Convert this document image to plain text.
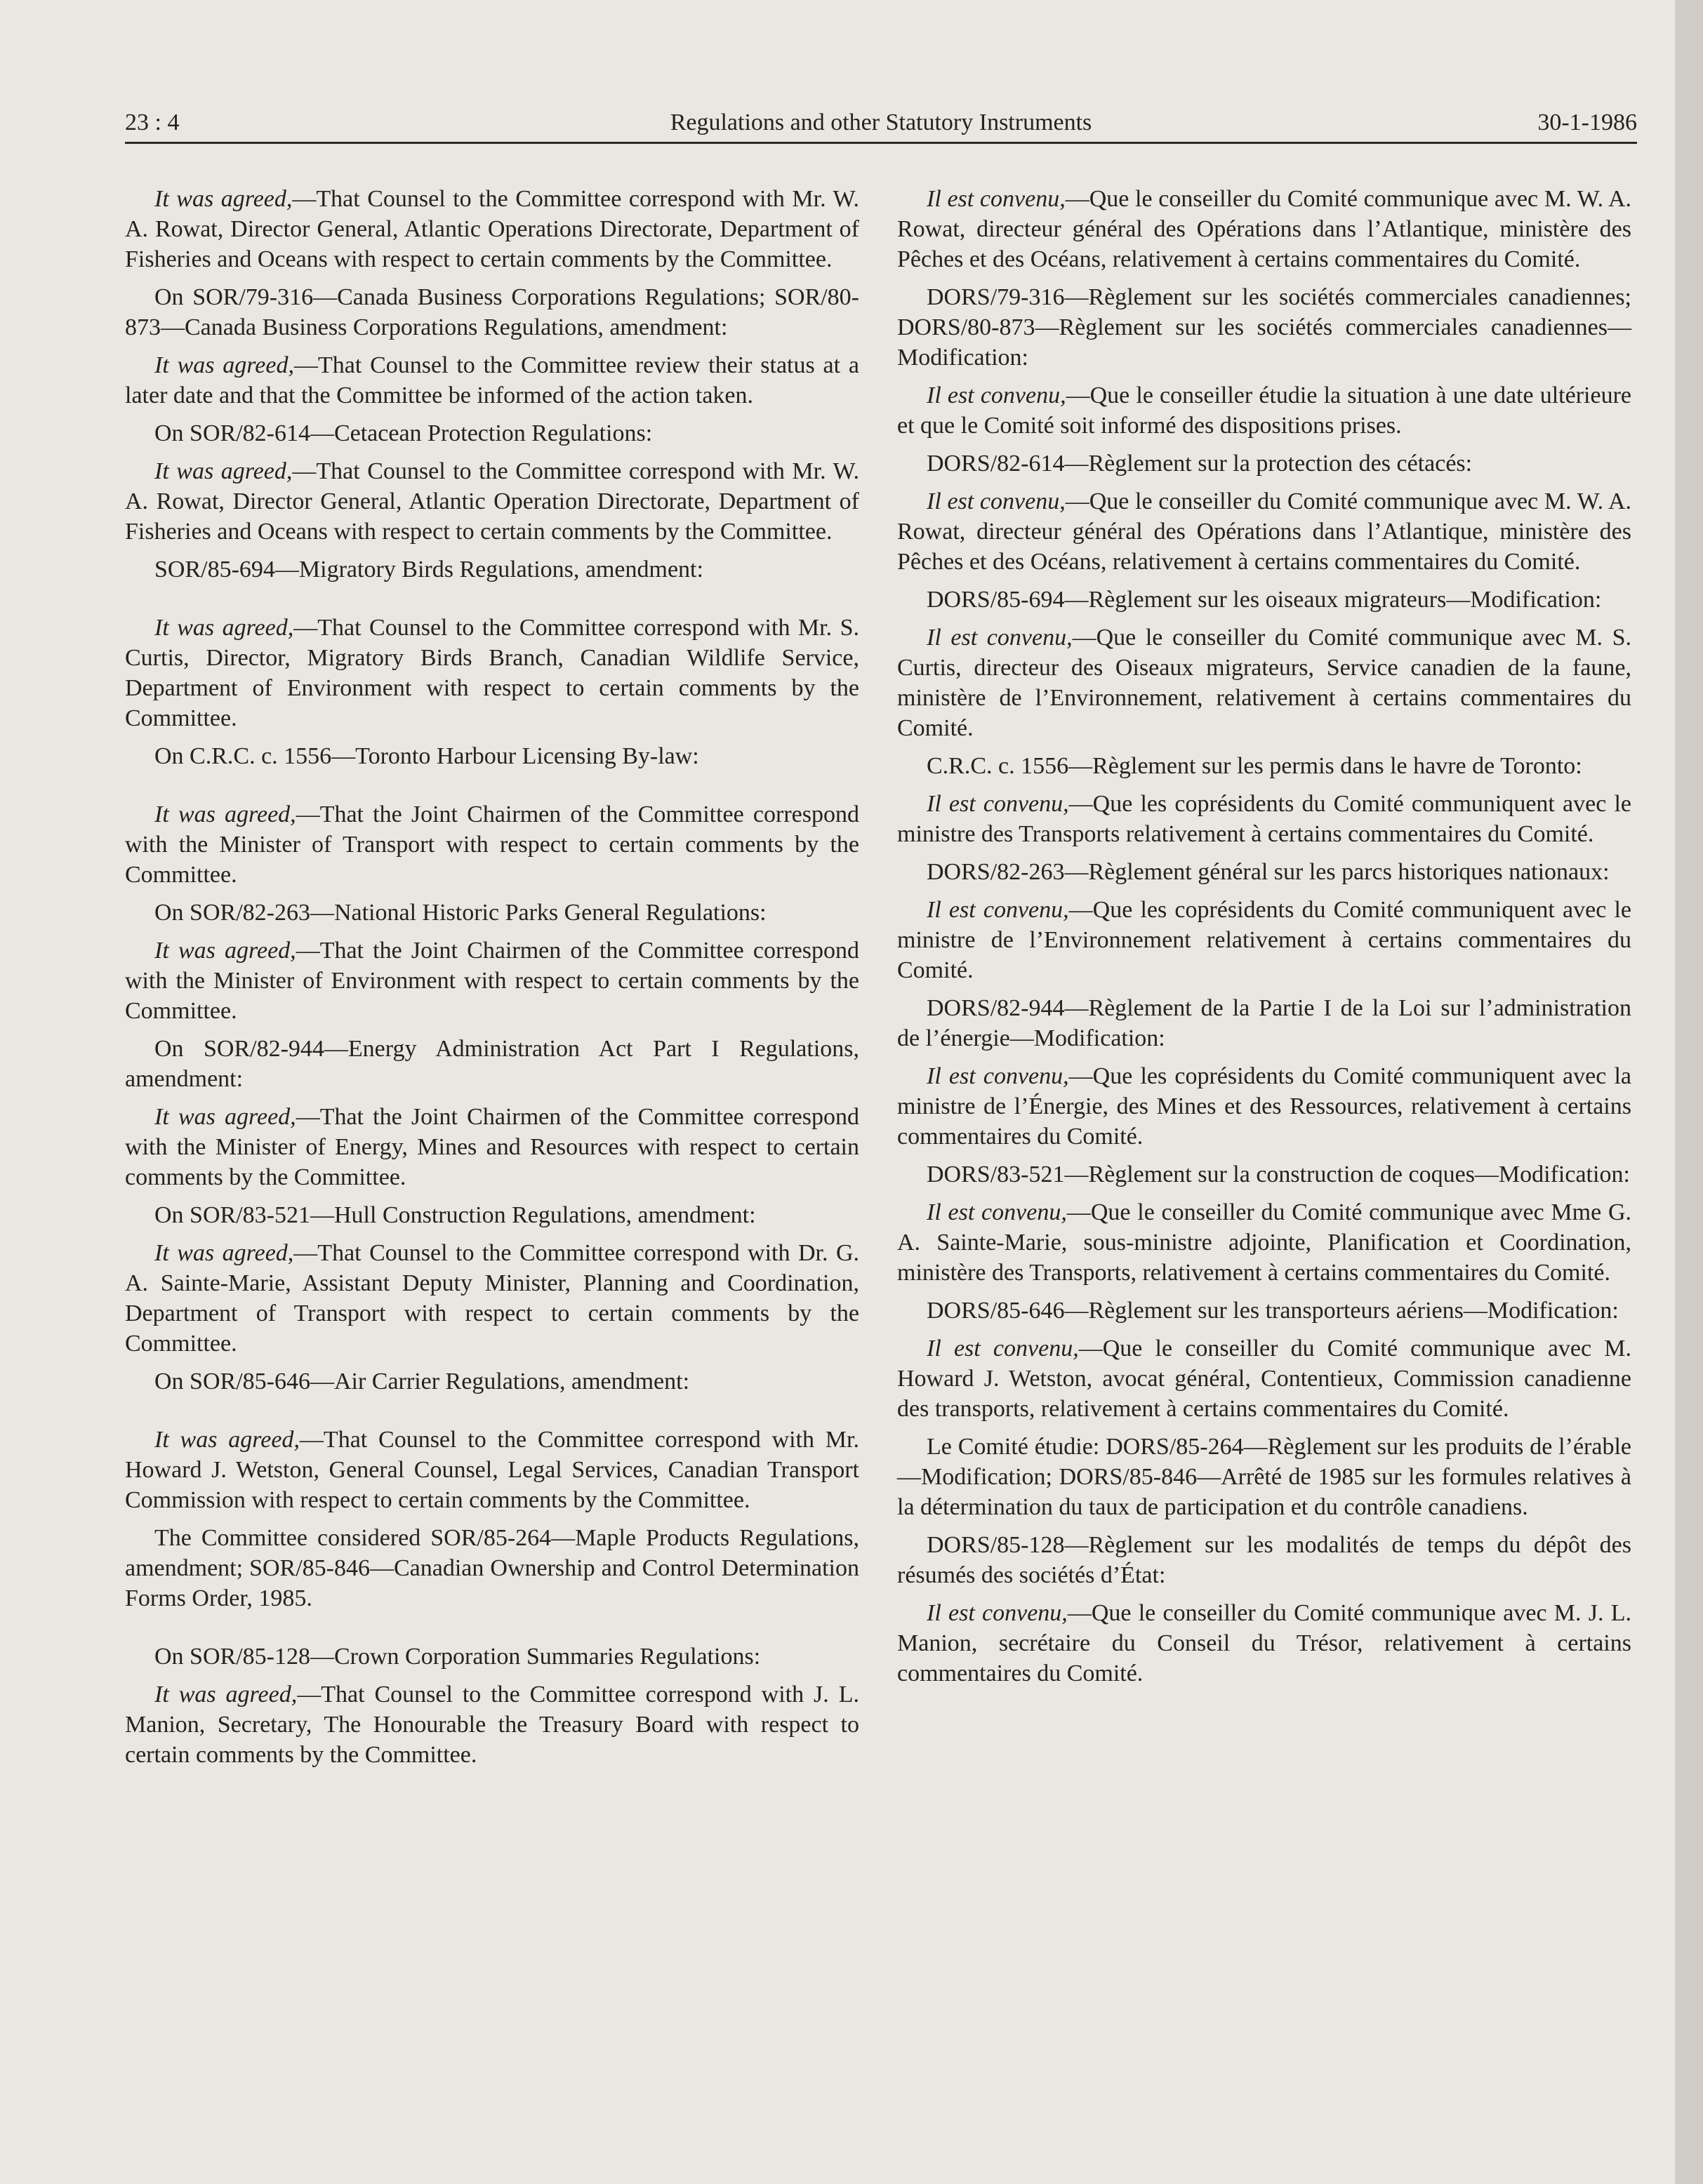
23 : 4	Regulations and other Statutory Instruments	30-1-1986

It was agreed,—That Counsel to the Committee correspond with Mr. W. A. Rowat, Director General, Atlantic Operations Directorate, Department of Fisheries and Oceans with respect to certain comments by the Committee.

On SOR/79-316—Canada Business Corporations Regulations; SOR/80-873—Canada Business Corporations Regulations, amendment:

It was agreed,—That Counsel to the Committee review their status at a later date and that the Committee be informed of the action taken.

On SOR/82-614—Cetacean Protection Regulations:

It was agreed,—That Counsel to the Committee correspond with Mr. W. A. Rowat, Director General, Atlantic Operation Directorate, Department of Fisheries and Oceans with respect to certain comments by the Committee.

SOR/85-694—Migratory Birds Regulations, amendment:

It was agreed,—That Counsel to the Committee correspond with Mr. S. Curtis, Director, Migratory Birds Branch, Canadian Wildlife Service, Department of Environment with respect to certain comments by the Committee.

On C.R.C. c. 1556—Toronto Harbour Licensing By-law:

It was agreed,—That the Joint Chairmen of the Committee correspond with the Minister of Transport with respect to certain comments by the Committee.

On SOR/82-263—National Historic Parks General Regulations:

It was agreed,—That the Joint Chairmen of the Committee correspond with the Minister of Environment with respect to certain comments by the Committee.

On SOR/82-944—Energy Administration Act Part I Regulations, amendment:

It was agreed,—That the Joint Chairmen of the Committee correspond with the Minister of Energy, Mines and Resources with respect to certain comments by the Committee.

On SOR/83-521—Hull Construction Regulations, amendment:

It was agreed,—That Counsel to the Committee correspond with Dr. G. A. Sainte-Marie, Assistant Deputy Minister, Planning and Coordination, Department of Transport with respect to certain comments by the Committee.

On SOR/85-646—Air Carrier Regulations, amendment:

It was agreed,—That Counsel to the Committee correspond with Mr. Howard J. Wetston, General Counsel, Legal Services, Canadian Transport Commission with respect to certain comments by the Committee.

The Committee considered SOR/85-264—Maple Products Regulations, amendment; SOR/85-846—Canadian Ownership and Control Determination Forms Order, 1985.

On SOR/85-128—Crown Corporation Summaries Regulations:

It was agreed,—That Counsel to the Committee correspond with J. L. Manion, Secretary, The Honourable the Treasury Board with respect to certain comments by the Committee.

Il est convenu,—Que le conseiller du Comité communique avec M. W. A. Rowat, directeur général des Opérations dans l’Atlantique, ministère des Pêches et des Océans, relativement à certains commentaires du Comité.

DORS/79-316—Règlement sur les sociétés commerciales canadiennes; DORS/80-873—Règlement sur les sociétés commerciales canadiennes—Modification:

Il est convenu,—Que le conseiller étudie la situation à une date ultérieure et que le Comité soit informé des dispositions prises.

DORS/82-614—Règlement sur la protection des cétacés:

Il est convenu,—Que le conseiller du Comité communique avec M. W. A. Rowat, directeur général des Opérations dans l’Atlantique, ministère des Pêches et des Océans, relativement à certains commentaires du Comité.

DORS/85-694—Règlement sur les oiseaux migrateurs—Modification:

Il est convenu,—Que le conseiller du Comité communique avec M. S. Curtis, directeur des Oiseaux migrateurs, Service canadien de la faune, ministère de l’Environnement, relativement à certains commentaires du Comité.

C.R.C. c. 1556—Règlement sur les permis dans le havre de Toronto:

Il est convenu,—Que les coprésidents du Comité communiquent avec le ministre des Transports relativement à certains commentaires du Comité.

DORS/82-263—Règlement général sur les parcs historiques nationaux:

Il est convenu,—Que les coprésidents du Comité communiquent avec le ministre de l’Environnement relativement à certains commentaires du Comité.

DORS/82-944—Règlement de la Partie I de la Loi sur l’administration de l’énergie—Modification:

Il est convenu,—Que les coprésidents du Comité communiquent avec la ministre de l’Énergie, des Mines et des Ressources, relativement à certains commentaires du Comité.

DORS/83-521—Règlement sur la construction de coques—Modification:

Il est convenu,—Que le conseiller du Comité communique avec Mme G. A. Sainte-Marie, sous-ministre adjointe, Planification et Coordination, ministère des Transports, relativement à certains commentaires du Comité.

DORS/85-646—Règlement sur les transporteurs aériens—Modification:

Il est convenu,—Que le conseiller du Comité communique avec M. Howard J. Wetston, avocat général, Contentieux, Commission canadienne des transports, relativement à certains commentaires du Comité.

Le Comité étudie: DORS/85-264—Règlement sur les produits de l’érable—Modification; DORS/85-846—Arrêté de 1985 sur les formules relatives à la détermination du taux de participation et du contrôle canadiens.

DORS/85-128—Règlement sur les modalités de temps du dépôt des résumés des sociétés d’État:

Il est convenu,—Que le conseiller du Comité communique avec M. J. L. Manion, secrétaire du Conseil du Trésor, relativement à certains commentaires du Comité.
